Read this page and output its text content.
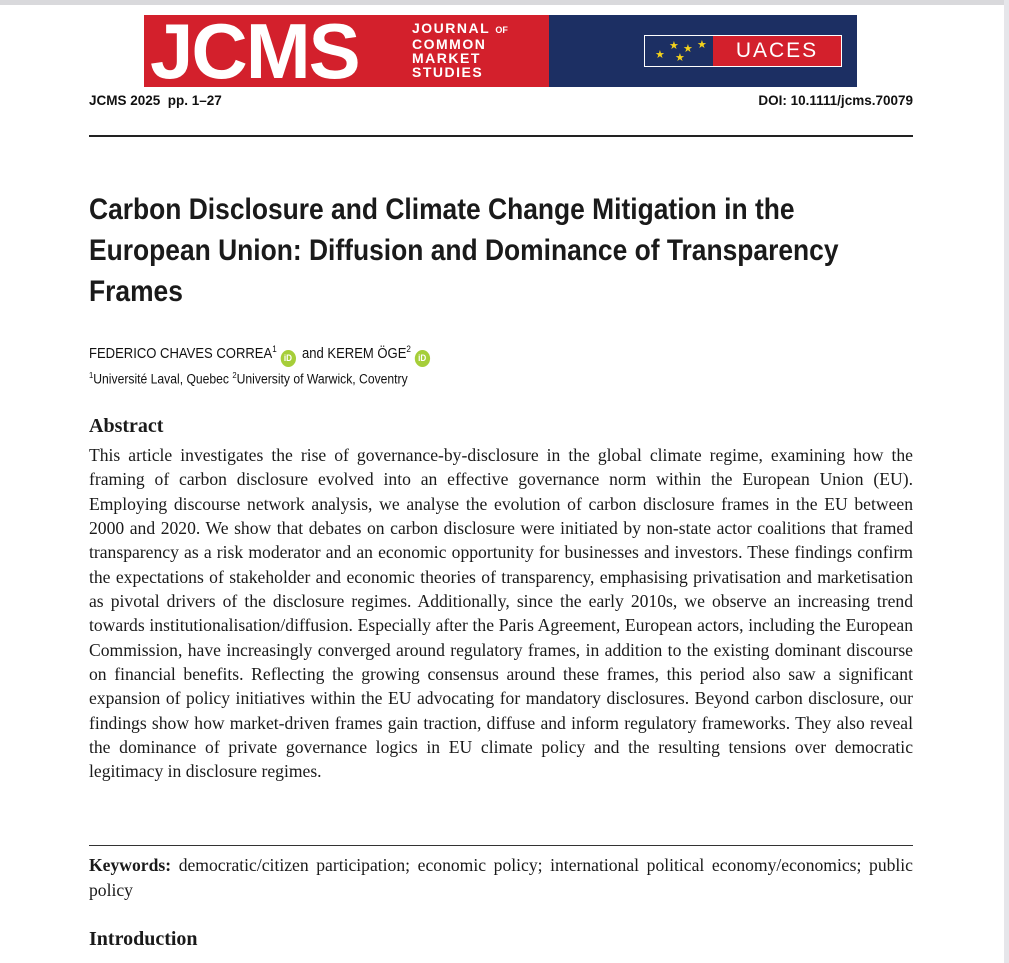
JCMS	JOURNAL OF
COMMON
MARKET
STUDIES
★
★ ★ ★
★	UACES
JCMS 2025  pp. 1–27	DOI: 10.1111/jcms.70079
Carbon Disclosure and Climate Change Mitigation in the European Union: Diffusion and Dominance of Transparency Frames
FEDERICO CHAVES CORREA$^1$iD and KEREM ÖGE$^2$iD
$^1$Université Laval, Quebec $^2$University of Warwick, Coventry
Abstract
This article investigates the rise of governance-by-disclosure in the global climate regime, examining how the framing of carbon disclosure evolved into an effective governance norm within the European Union (EU). Employing discourse network analysis, we analyse the evolution of carbon disclosure frames in the EU between 2000 and 2020. We show that debates on carbon disclosure were initiated by non-state actor coalitions that framed transparency as a risk moderator and an economic opportunity for businesses and investors. These findings confirm the expectations of stakeholder and economic theories of transparency, emphasising privatisation and marketisation as pivotal drivers of the disclosure regimes. Additionally, since the early 2010s, we observe an increasing trend towards institutionalisation/diffusion. Especially after the Paris Agreement, European actors, including the European Commission, have increasingly converged around regulatory frames, in addition to the existing dominant discourse on financial benefits. Reflecting the growing consensus around these frames, this period also saw a significant expansion of policy initiatives within the EU advocating for mandatory disclosures. Beyond carbon disclosure, our findings show how market-driven frames gain traction, diffuse and inform regulatory frameworks. They also reveal the dominance of private governance logics in EU climate policy and the resulting tensions over democratic legitimacy in disclosure regimes.
Keywords: democratic/citizen participation; economic policy; international political economy/economics; public policy
Introduction
